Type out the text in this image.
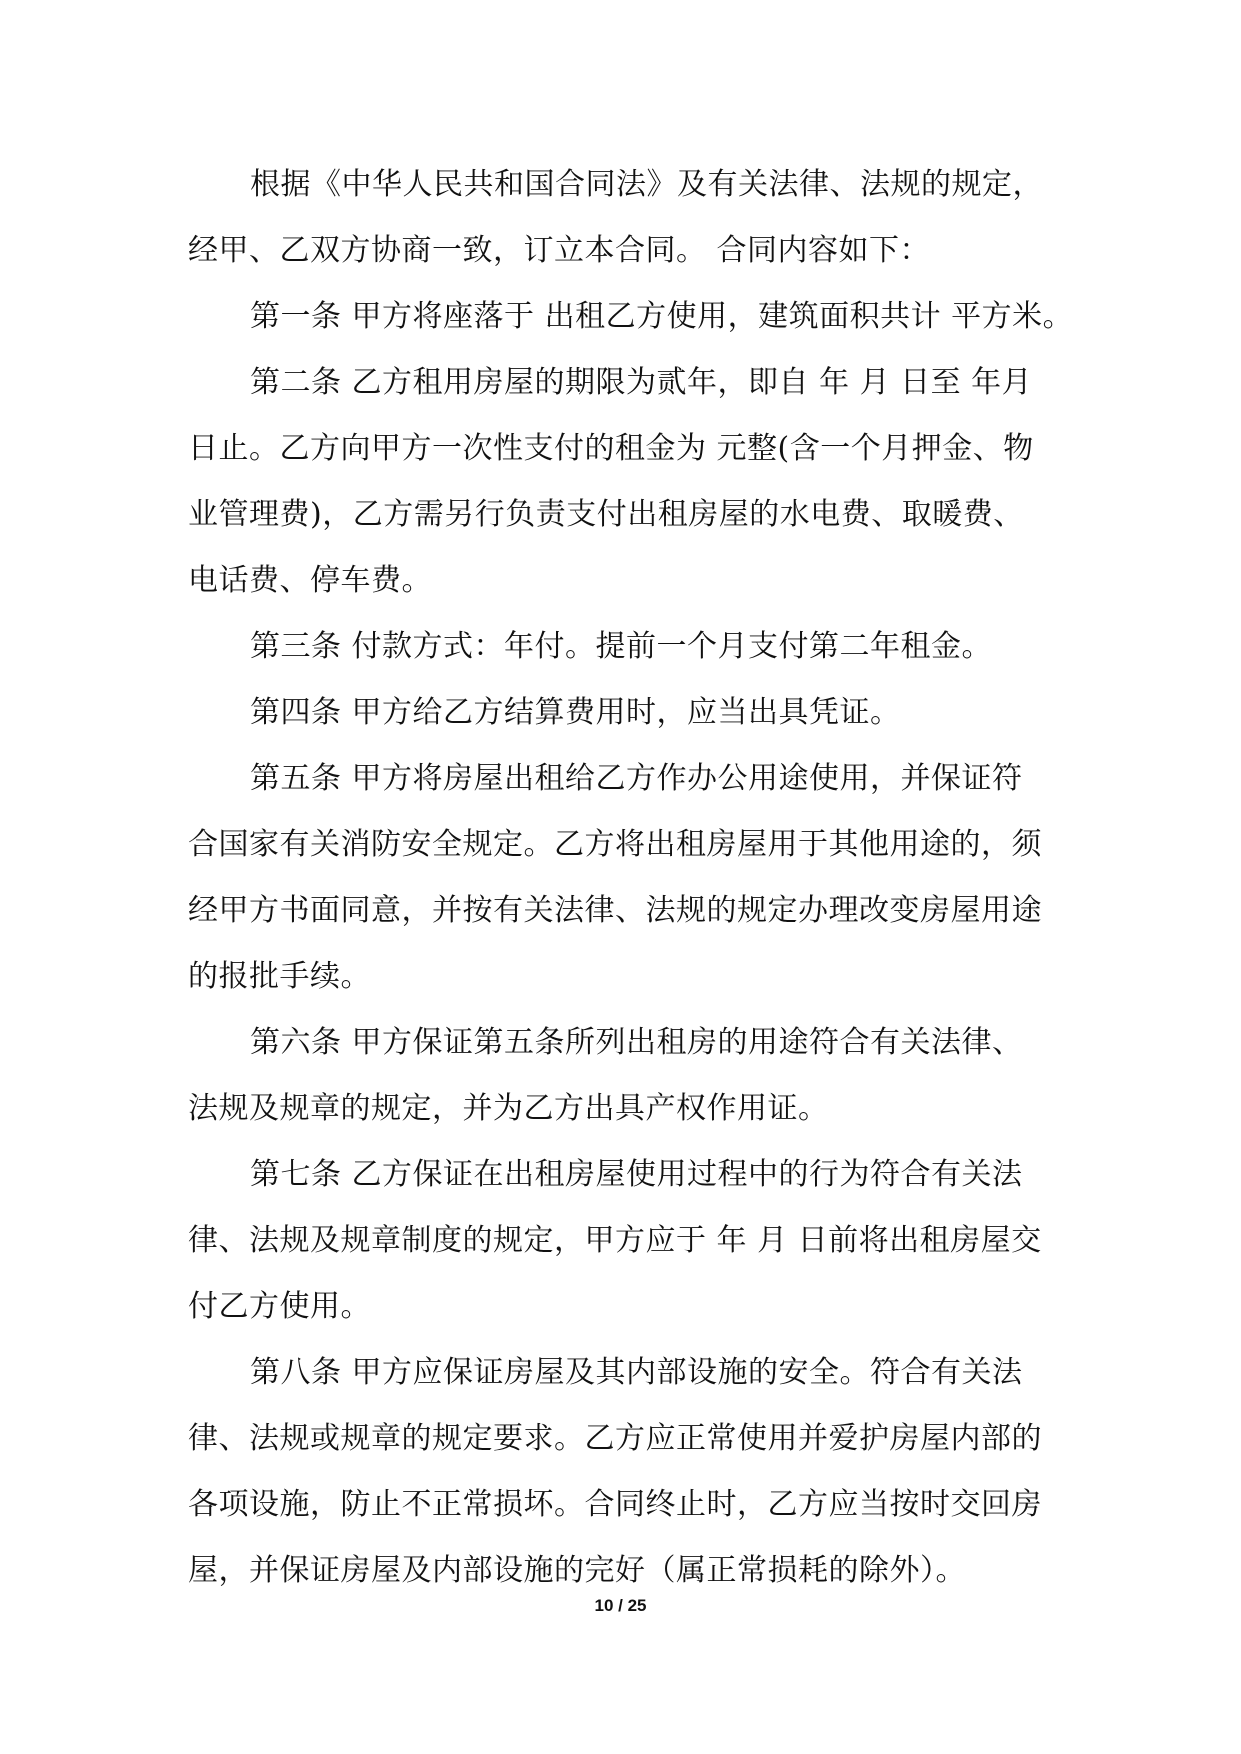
根据《中华人民共和国合同法》及有关法律、法规的规定，
经甲、乙双方协商一致，订立本合同。 合同内容如下：
第一条 甲方将座落于 出租乙方使用，建筑面积共计 平方米。
第二条 乙方租用房屋的期限为贰年，即自 年 月 日至 年月
日止。乙方向甲方一次性支付的租金为 元整(含一个月押金、物
业管理费)，乙方需另行负责支付出租房屋的水电费、取暖费、
电话费、停车费。
第三条 付款方式：年付。提前一个月支付第二年租金。
第四条 甲方给乙方结算费用时，应当出具凭证。
第五条 甲方将房屋出租给乙方作办公用途使用，并保证符
合国家有关消防安全规定。乙方将出租房屋用于其他用途的，须
经甲方书面同意，并按有关法律、法规的规定办理改变房屋用途
的报批手续。
第六条 甲方保证第五条所列出租房的用途符合有关法律、
法规及规章的规定，并为乙方出具产权作用证。
第七条 乙方保证在出租房屋使用过程中的行为符合有关法
律、法规及规章制度的规定，甲方应于 年 月 日前将出租房屋交
付乙方使用。
第八条 甲方应保证房屋及其内部设施的安全。符合有关法
律、法规或规章的规定要求。乙方应正常使用并爱护房屋内部的
各项设施，防止不正常损坏。合同终止时，乙方应当按时交回房
屋，并保证房屋及内部设施的完好（属正常损耗的除外）。
10 / 25
